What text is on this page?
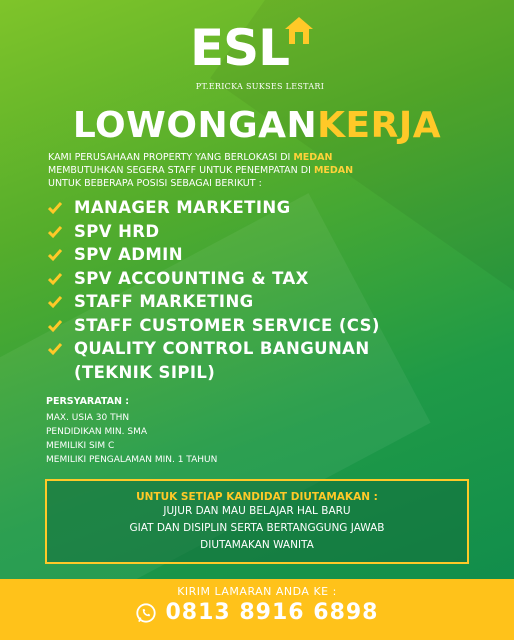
ESL
PT.ERICKA SUKSES LESTARI
LOWONGANKERJA
KAMI PERUSAHAAN PROPERTY YANG BERLOKASI DI MEDAN
MEMBUTUHKAN SEGERA STAFF UNTUK PENEMPATAN DI MEDAN
UNTUK BEBERAPA POSISI SEBAGAI BERIKUT :
MANAGER MARKETING
SPV HRD
SPV ADMIN
SPV ACCOUNTING & TAX
STAFF MARKETING
STAFF CUSTOMER SERVICE (CS)
QUALITY CONTROL BANGUNAN
(TEKNIK SIPIL)
PERSYARATAN :
MAX. USIA 30 THN
PENDIDIKAN MIN. SMA
MEMILIKI SIM C
MEMILIKI PENGALAMAN MIN. 1 TAHUN
UNTUK SETIAP KANDIDAT DIUTAMAKAN :
JUJUR DAN MAU BELAJAR HAL BARU
GIAT DAN DISIPLIN SERTA BERTANGGUNG JAWAB
DIUTAMAKAN WANITA
KIRIM LAMARAN ANDA KE :
0813 8916 6898
